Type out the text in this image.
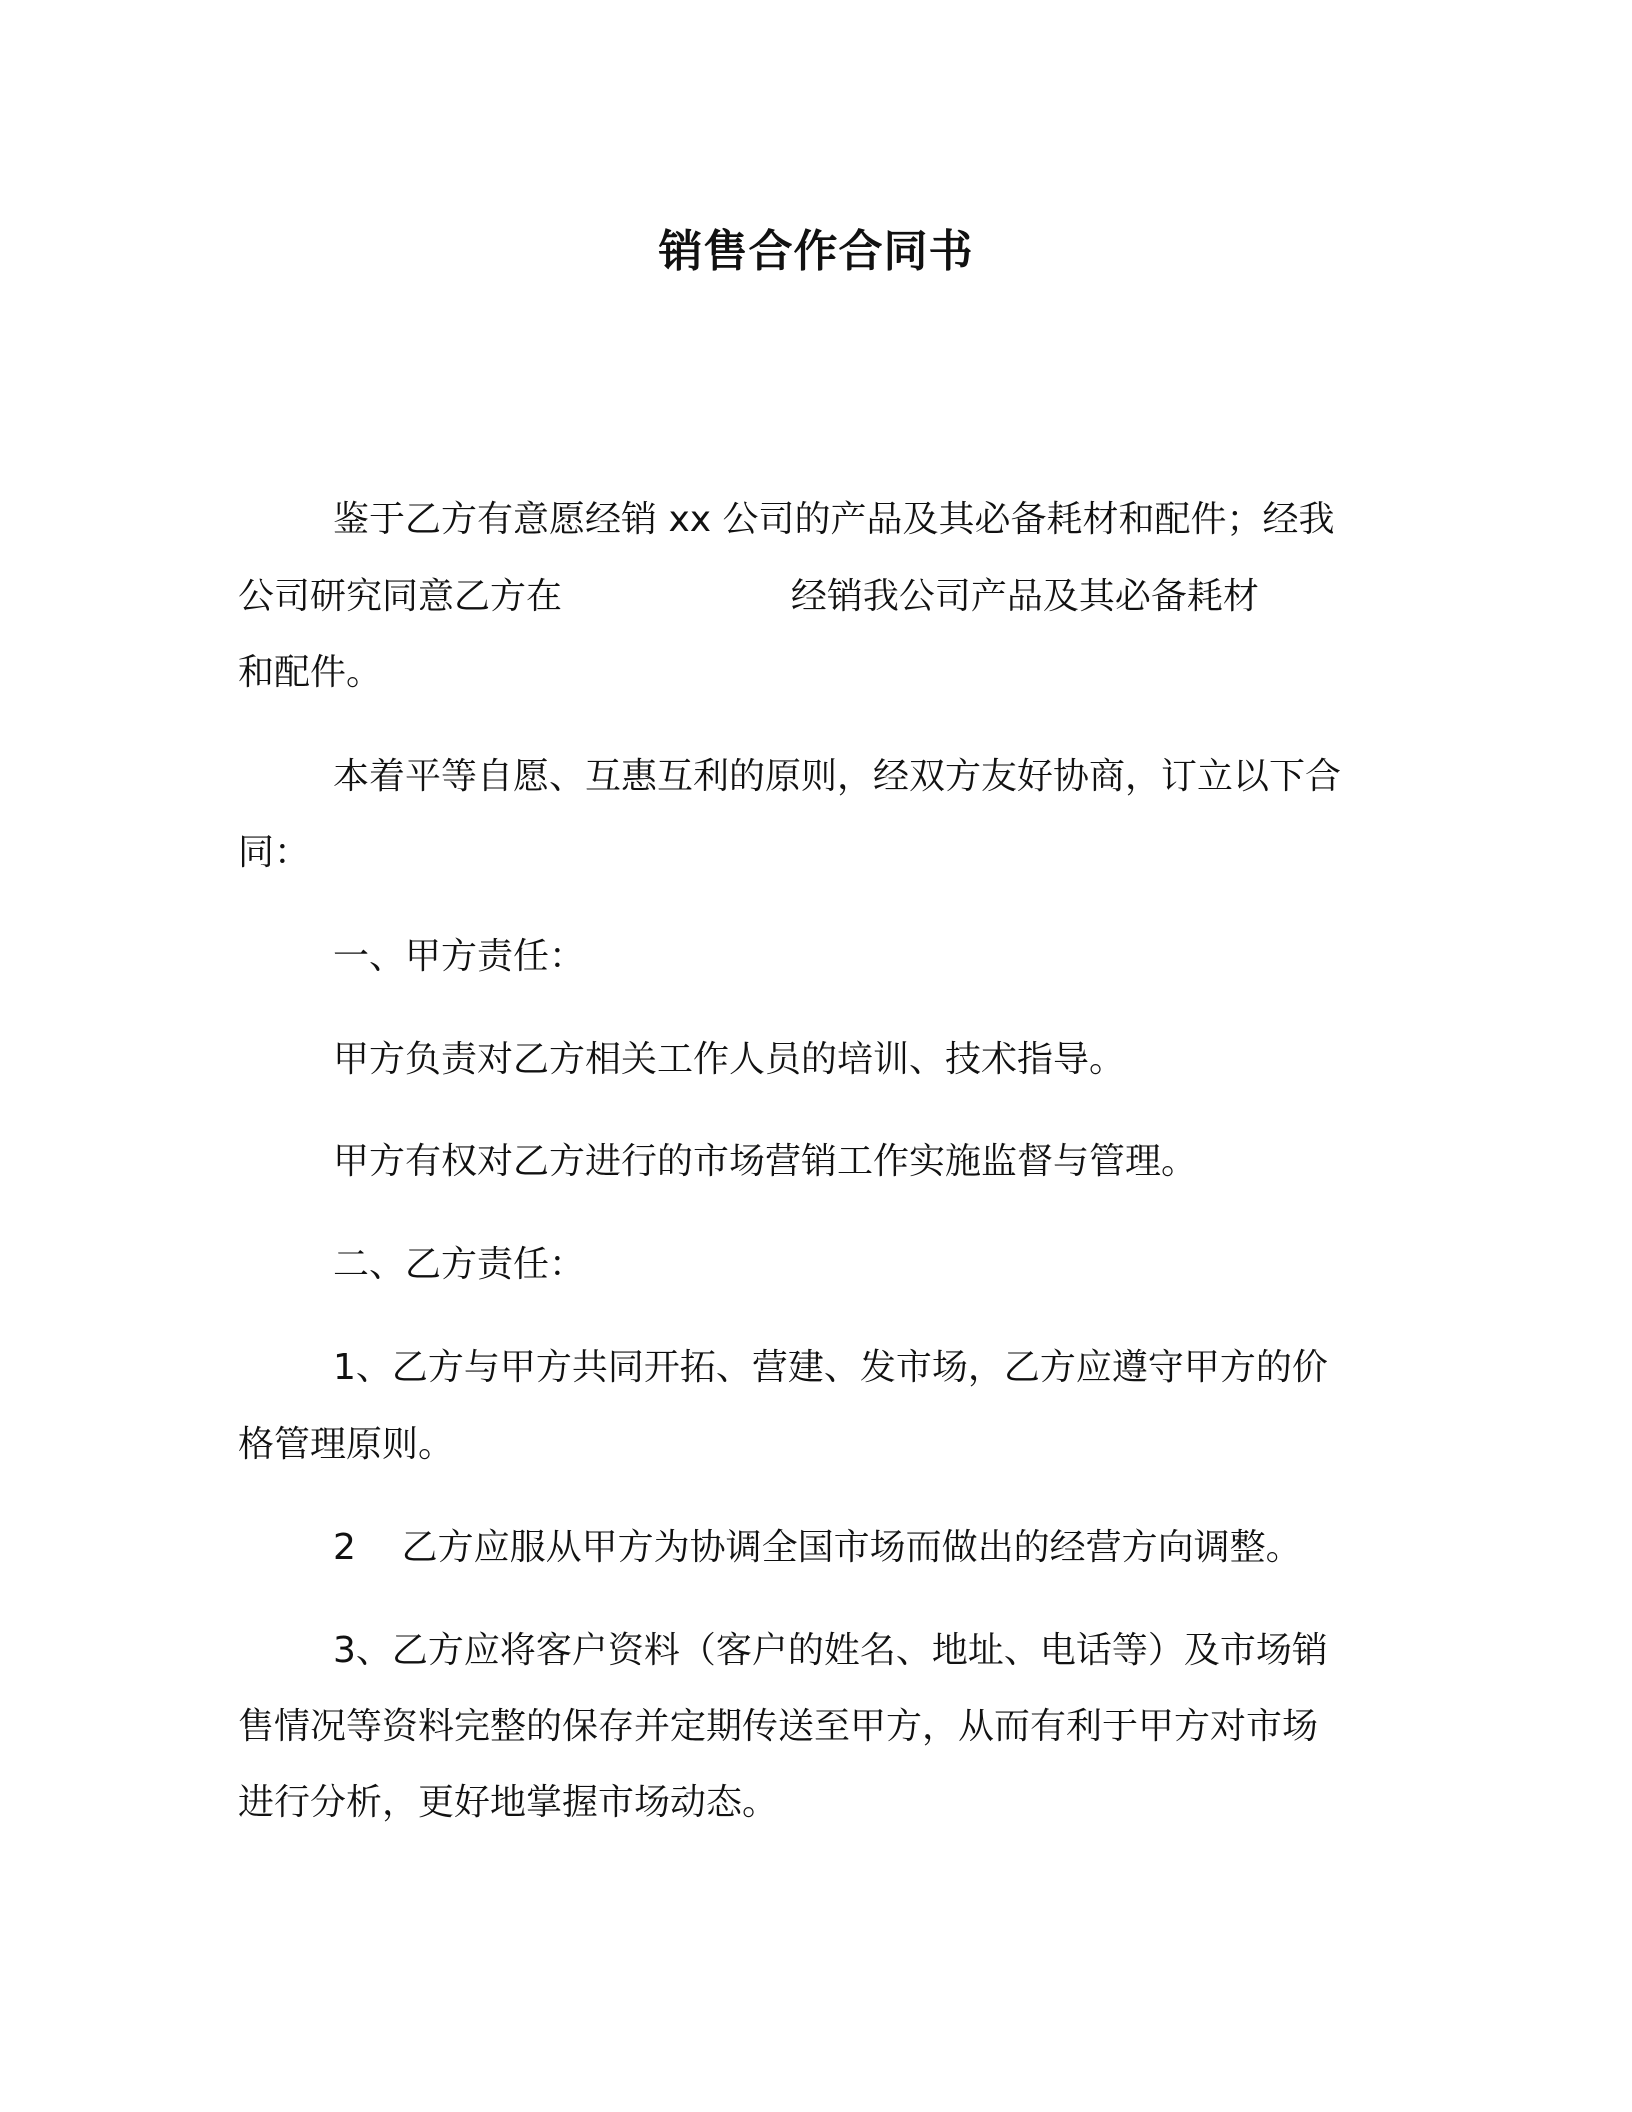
销售合作合同书
鉴于乙方有意愿经销 xx 公司的产品及其必备耗材和配件；经我
公司研究同意乙方在                    经销我公司产品及其必备耗材
和配件。
本着平等自愿、互惠互利的原则，经双方友好协商，订立以下合
同：
一、甲方责任：
甲方负责对乙方相关工作人员的培训、技术指导。
甲方有权对乙方进行的市场营销工作实施监督与管理。
二、乙方责任：
1、乙方与甲方共同开拓、营建、发市场，乙方应遵守甲方的价
格管理原则。
2    乙方应服从甲方为协调全国市场而做出的经营方向调整。
3、乙方应将客户资料（客户的姓名、地址、电话等）及市场销
售情况等资料完整的保存并定期传送至甲方，从而有利于甲方对市场
进行分析，更好地掌握市场动态。
